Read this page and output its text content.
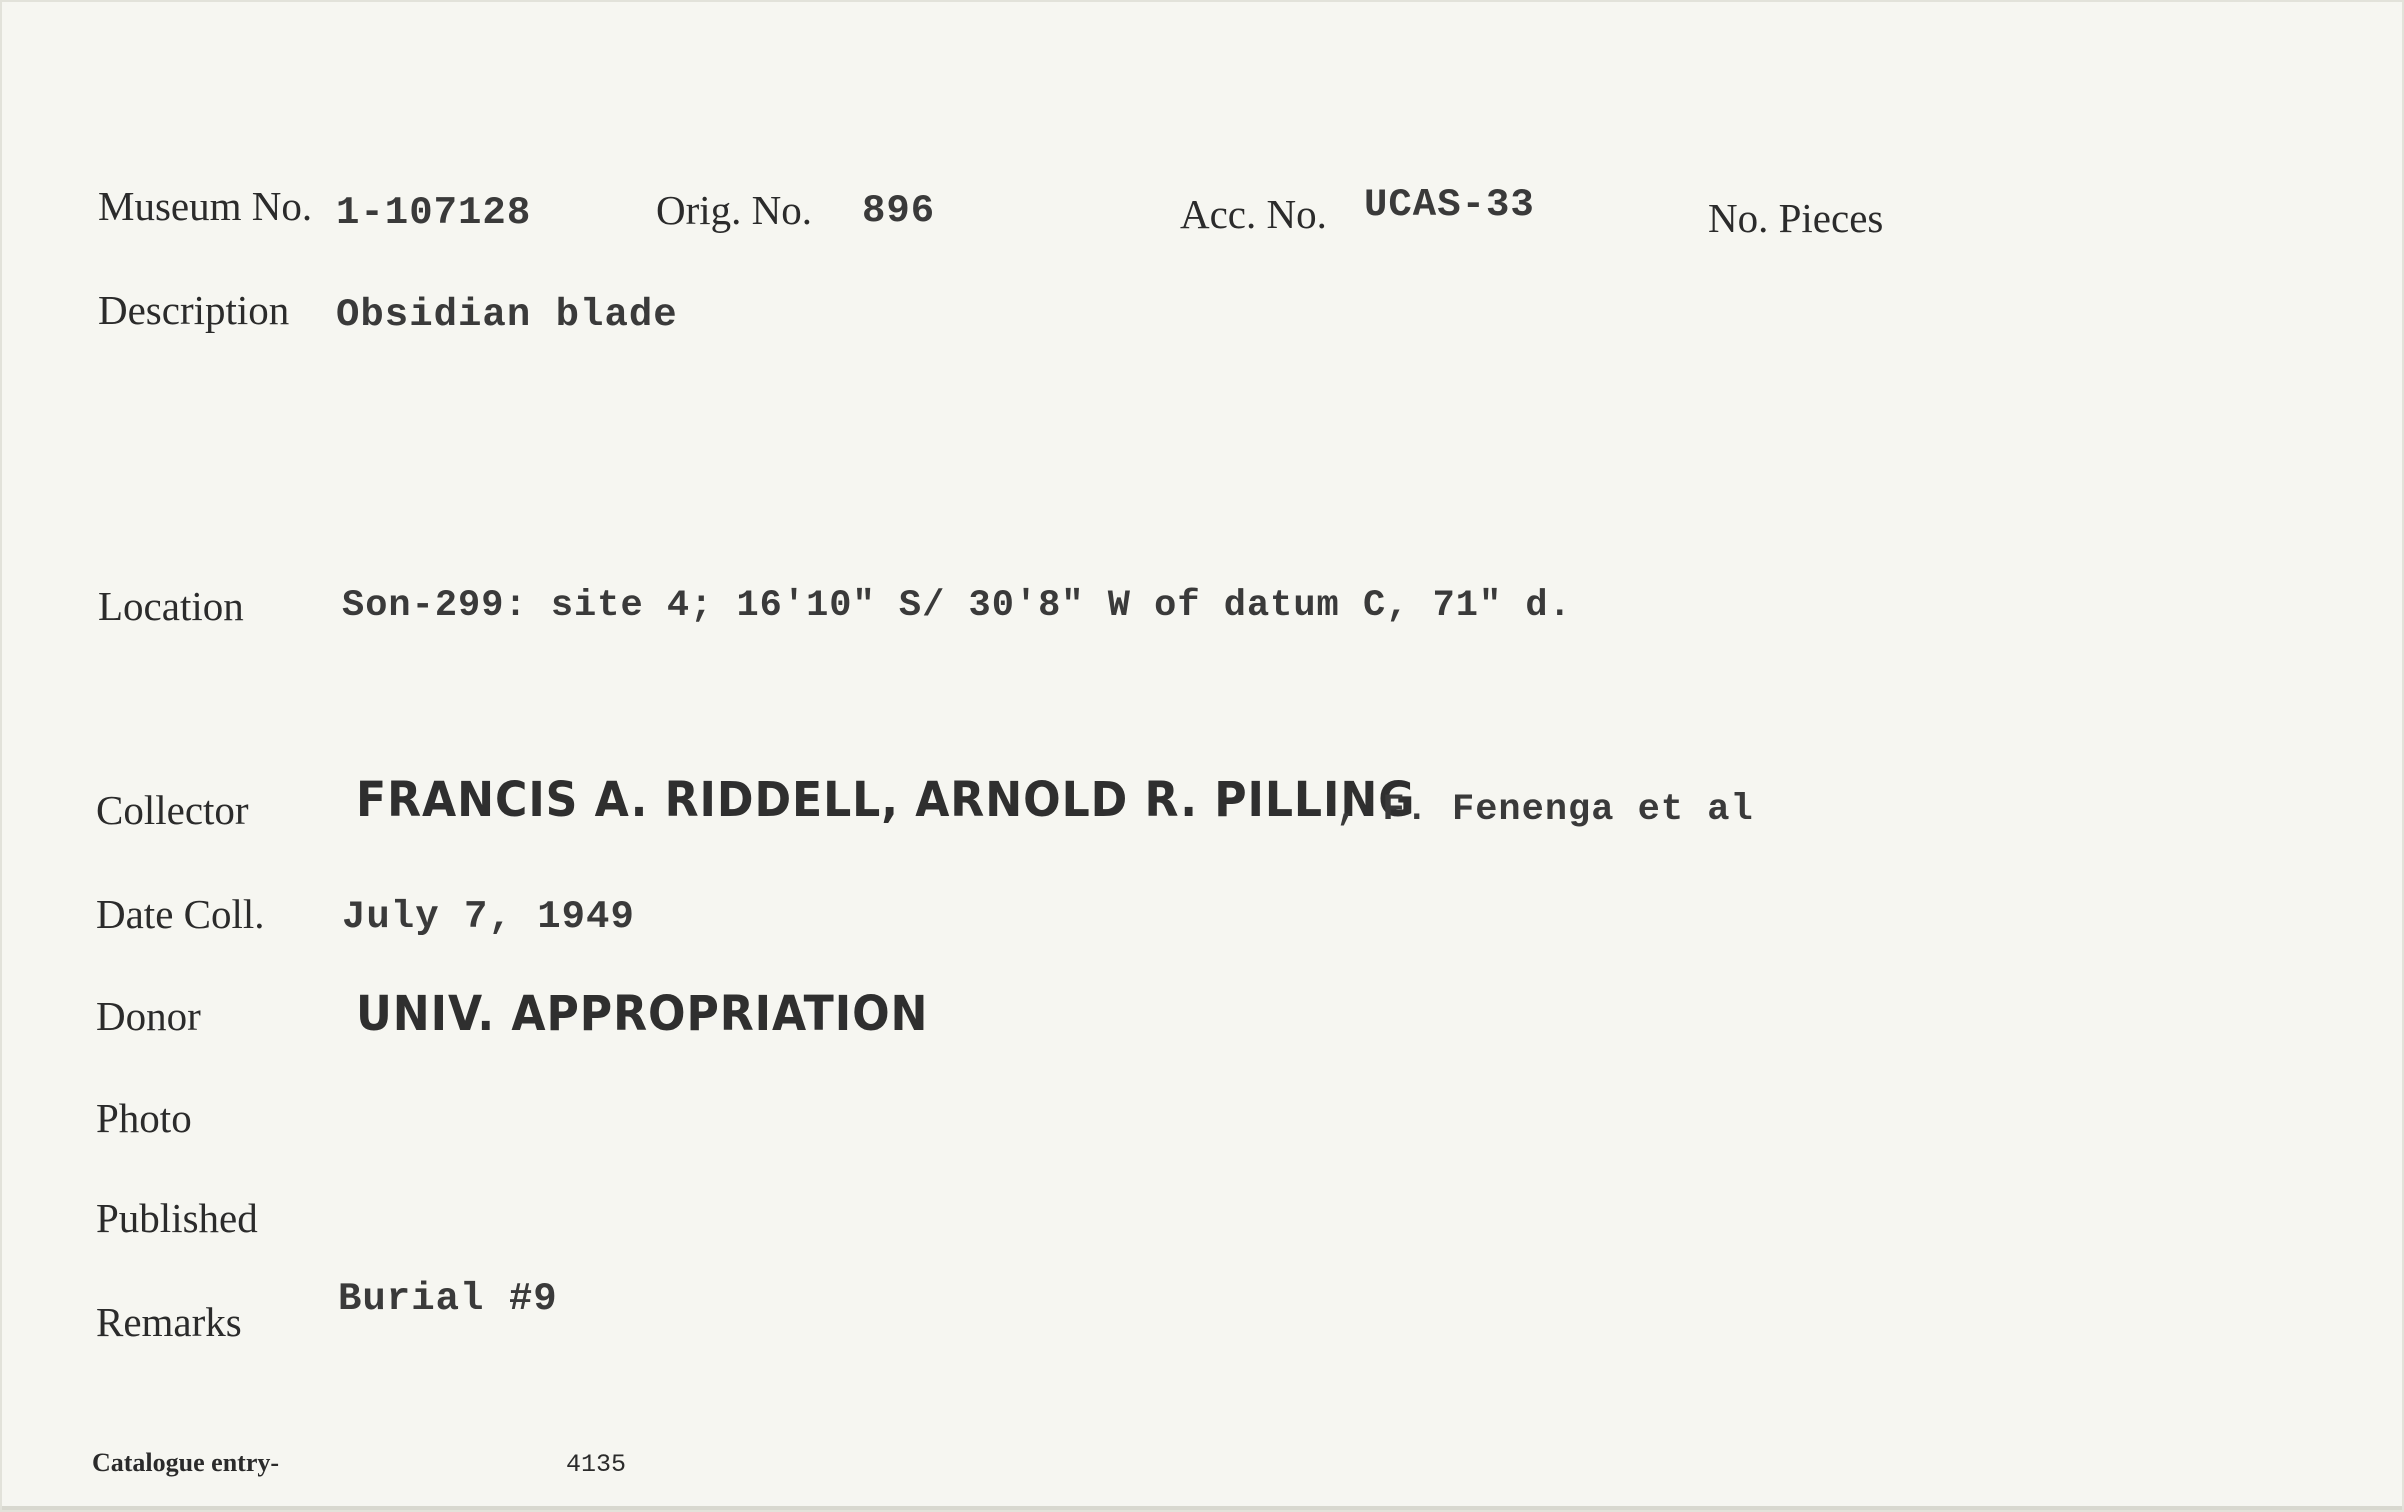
Museum No. 1-107128	Orig. No. 896	Acc. No. UCAS-33	No. Pieces
Description Obsidian blade
Location	Son-299: site 4; 16'10" S/ 30'8" W of datum C, 71" d.
Collector FRANCIS A. RIDDELL, ARNOLD R. PILLING
, F. Fenenga et al
Date Coll. July 7, 1949
Donor	UNIV. APPROPRIATION
Photo
Published
Remarks Burial #9
Catalogue entry-	4135
